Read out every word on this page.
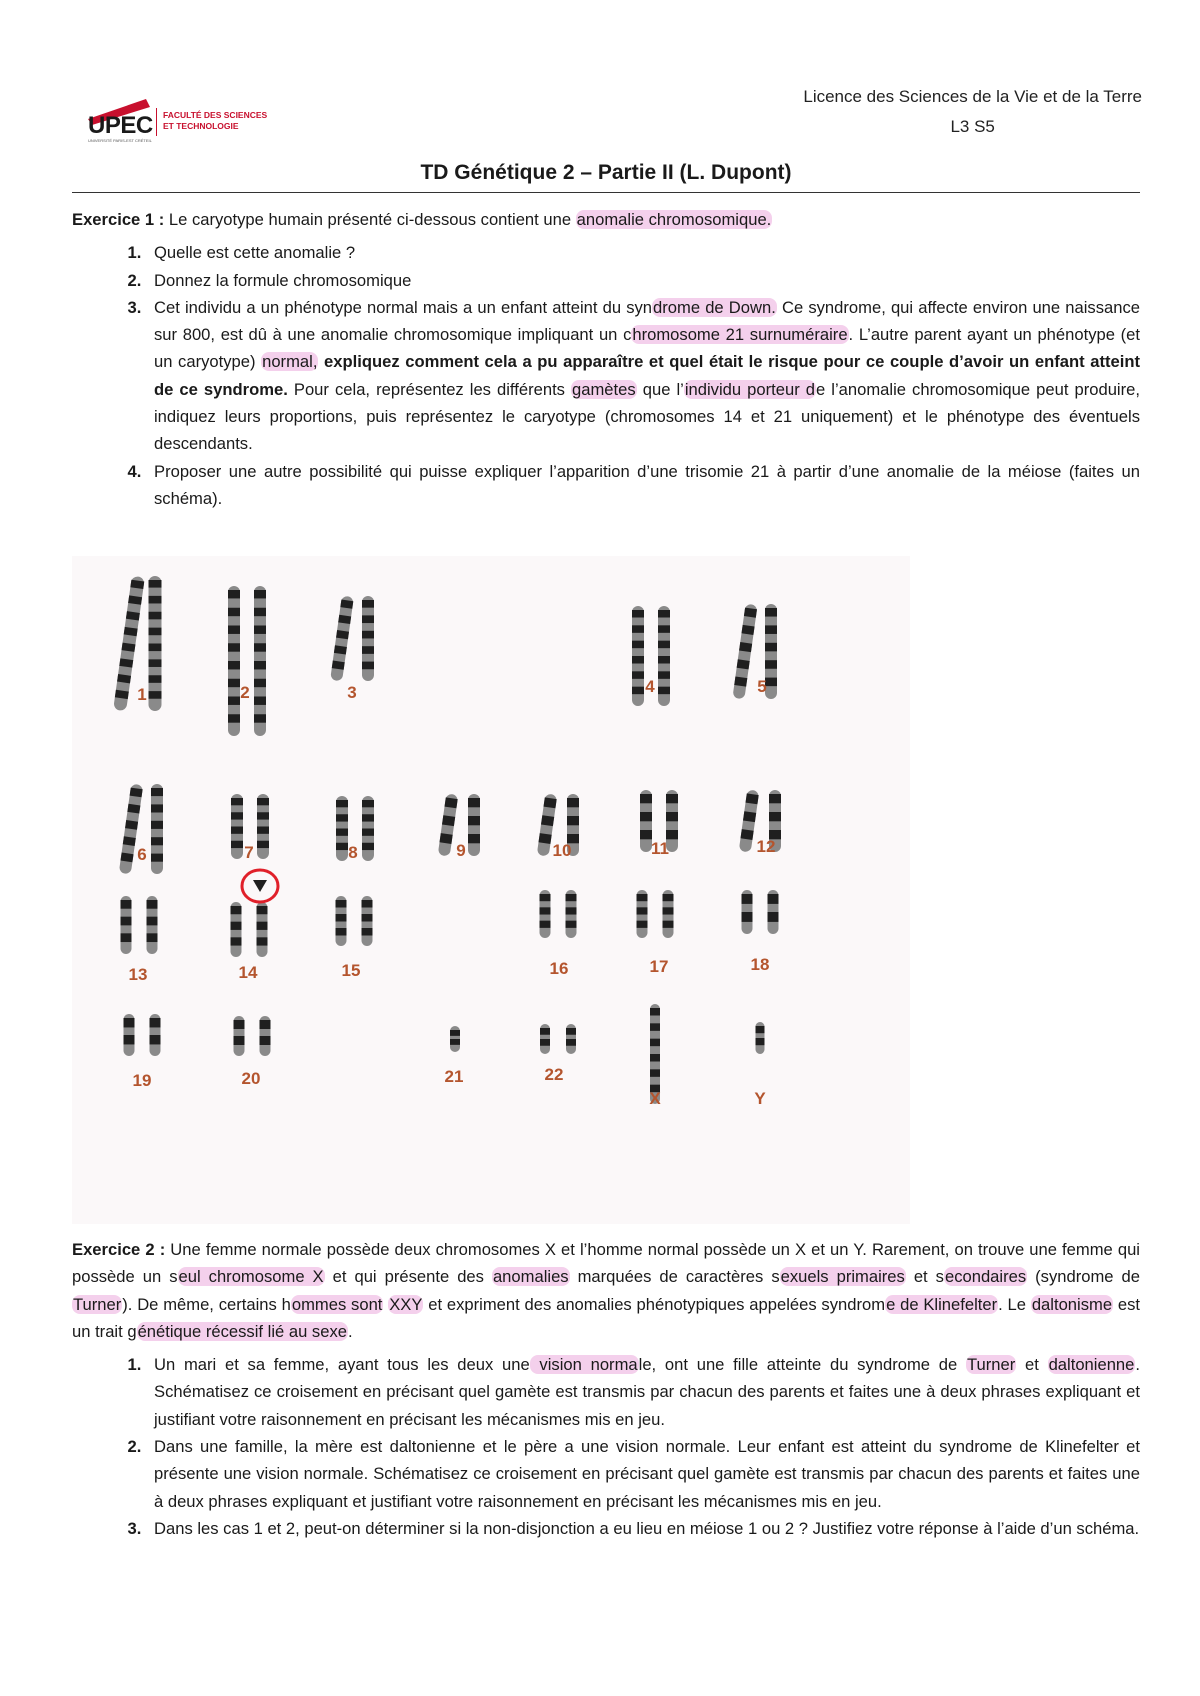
UPEC FACULTÉ DES SCIENCES
ET TECHNOLOGIE
UNIVERSITÉ PARIS-EST CRÉTEIL
Licence des Sciences de la Vie et de la Terre
L3 S5
TD Génétique 2 – Partie II (L. Dupont)
Exercice 1 : Le caryotype humain présenté ci-dessous contient une anomalie chromosomique.
1. Quelle est cette anomalie ?
2. Donnez la formule chromosomique
3. Cet individu a un phénotype normal mais a un enfant atteint du syndrome de Down. Ce syndrome, qui affecte environ une naissance sur 800, est dû à une anomalie chromosomique impliquant un chromosome 21 surnuméraire. L’autre parent ayant un phénotype (et un caryotype) normal, expliquez comment cela a pu apparaître et quel était le risque pour ce couple d’avoir un enfant atteint de ce syndrome. Pour cela, représentez les différents gamètes que l’individu porteur de l’anomalie chromosomique peut produire, indiquez leurs proportions, puis représentez le caryotype (chromosomes 14 et 21 uniquement) et le phénotype des éventuels descendants.
4. Proposer une autre possibilité qui puisse expliquer l’apparition d’une trisomie 21 à partir d’une anomalie de la méiose (faites un schéma).
1	2	3	4	5
6	7	8	9	10	11	12
13	14	15	16	17	18
19	20	21	22
X	Y
Exercice 2 : Une femme normale possède deux chromosomes X et l’homme normal possède un X et un Y. Rarement, on trouve une femme qui possède un seul chromosome X et qui présente des anomalies marquées de caractères sexuels primaires et secondaires (syndrome de Turner). De même, certains hommes sont XXY et expriment des anomalies phénotypiques appelées syndrome de Klinefelter. Le daltonisme est un trait génétique récessif lié au sexe.
1. Un mari et sa femme, ayant tous les deux une vision normale, ont une fille atteinte du syndrome de Turner et daltonienne. Schématisez ce croisement en précisant quel gamète est transmis par chacun des parents et faites une à deux phrases expliquant et justifiant votre raisonnement en précisant les mécanismes mis en jeu.
2. Dans une famille, la mère est daltonienne et le père a une vision normale. Leur enfant est atteint du syndrome de Klinefelter et présente une vision normale. Schématisez ce croisement en précisant quel gamète est transmis par chacun des parents et faites une à deux phrases expliquant et justifiant votre raisonnement en précisant les mécanismes mis en jeu.
3. Dans les cas 1 et 2, peut-on déterminer si la non-disjonction a eu lieu en méiose 1 ou 2 ? Justifiez votre réponse à l’aide d’un schéma.
